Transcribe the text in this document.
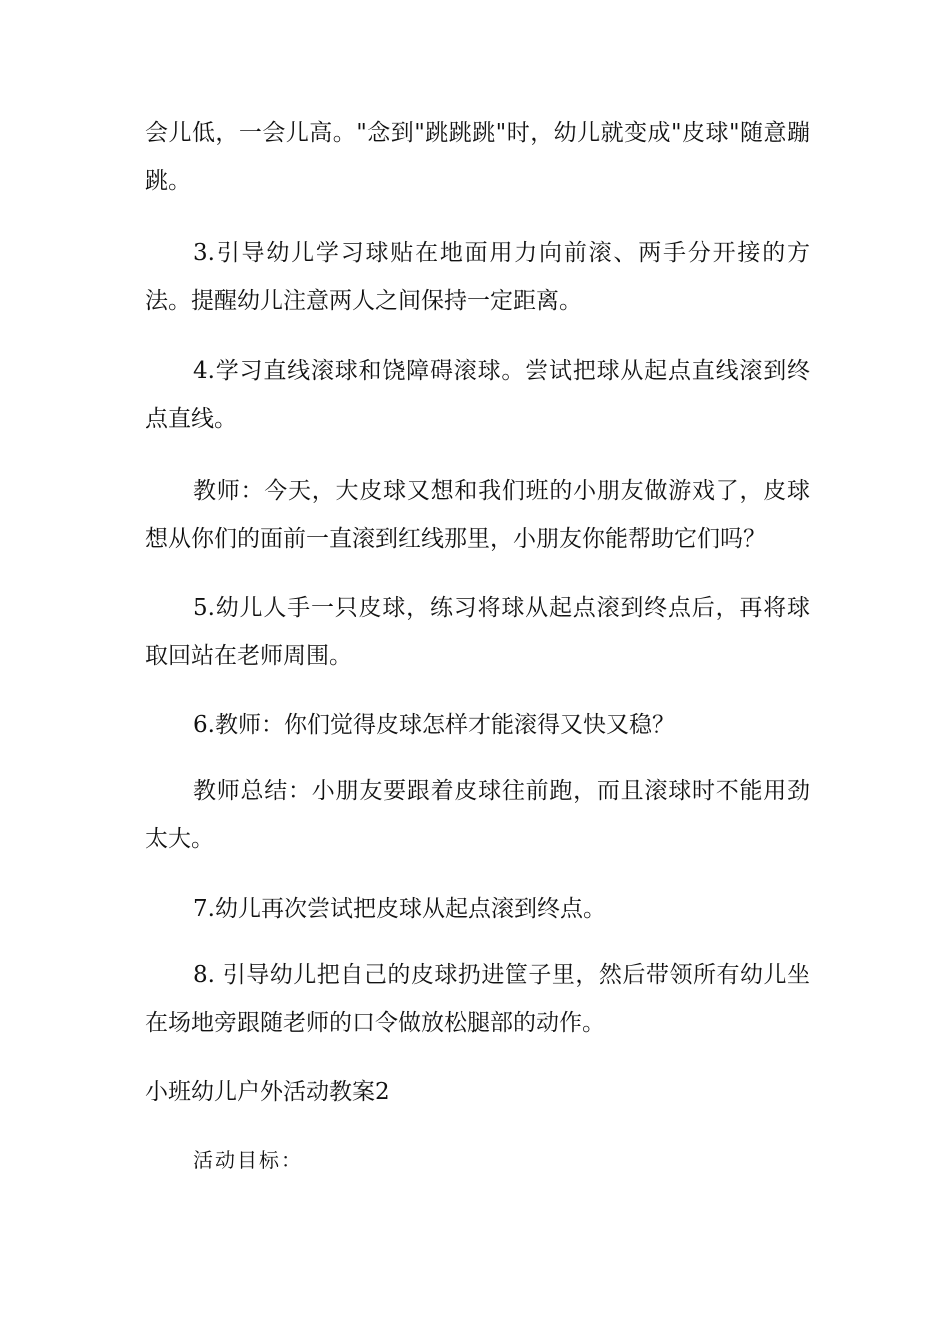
会儿低，一会儿高。"念到"跳跳跳"时，幼儿就变成"皮球"随意蹦跳。

3.引导幼儿学习球贴在地面用力向前滚、两手分开接的方法。提醒幼儿注意两人之间保持一定距离。

4.学习直线滚球和饶障碍滚球。尝试把球从起点直线滚到终点直线。

教师：今天，大皮球又想和我们班的小朋友做游戏了，皮球想从你们的面前一直滚到红线那里，小朋友你能帮助它们吗？

5.幼儿人手一只皮球，练习将球从起点滚到终点后，再将球取回站在老师周围。

6.教师：你们觉得皮球怎样才能滚得又快又稳？

教师总结：小朋友要跟着皮球往前跑，而且滚球时不能用劲太大。

7.幼儿再次尝试把皮球从起点滚到终点。

8. 引导幼儿把自己的皮球扔进筐子里，然后带领所有幼儿坐在场地旁跟随老师的口令做放松腿部的动作。

小班幼儿户外活动教案2
活动目标：
